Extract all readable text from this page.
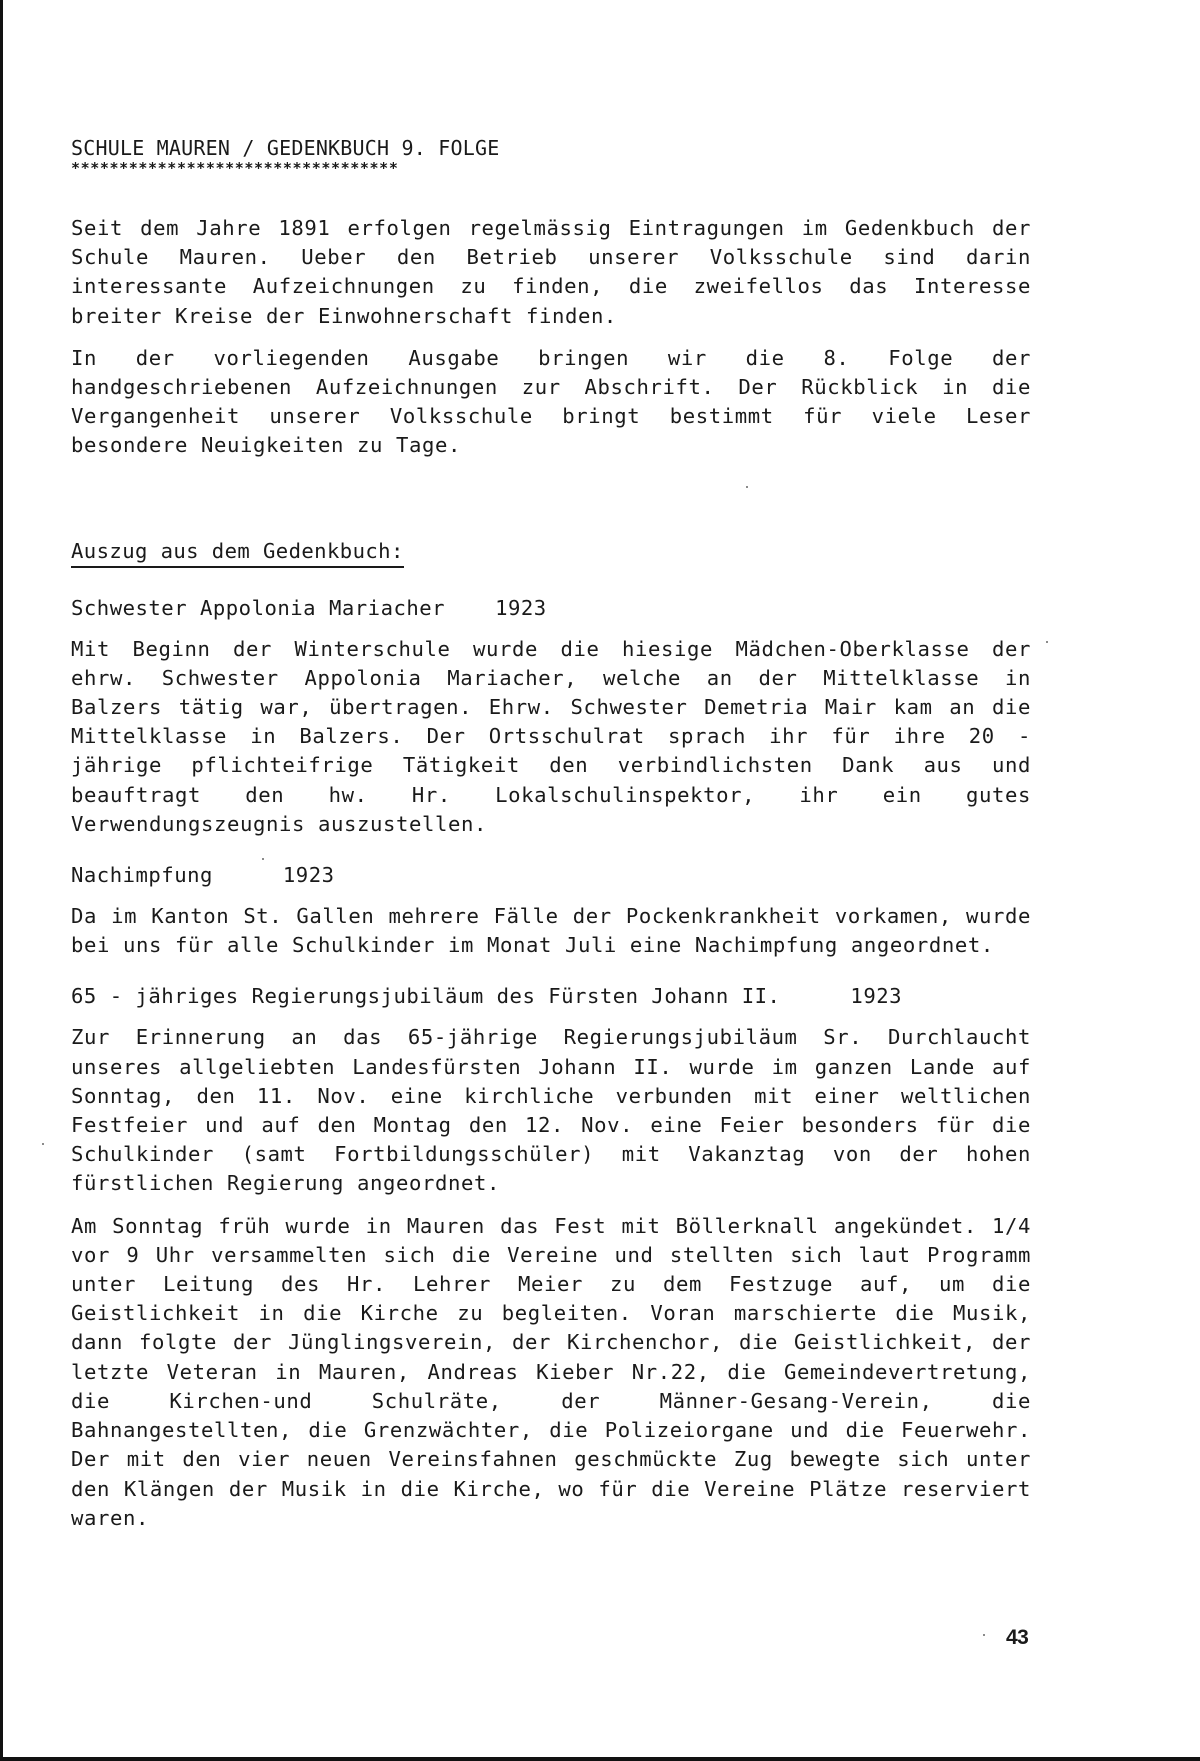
SCHULE MAUREN / GEDENKBUCH 9. FOLGE
**********************************

Seit dem Jahre 1891 erfolgen regelmässig Eintragungen im Gedenkbuch der Schule Mauren. Ueber den Betrieb unserer Volksschule sind darin interessante Aufzeichnungen zu finden, die zweifellos das Interesse breiter Kreise der Einwohnerschaft finden.

In der vorliegenden Ausgabe bringen wir die 8. Folge der handgeschriebenen Aufzeichnungen zur Abschrift. Der Rückblick in die Vergangenheit unserer Volksschule bringt bestimmt für viele Leser besondere Neuigkeiten zu Tage.

Auszug aus dem Gedenkbuch:
Schwester Appolonia Mariacher 1923

Mit Beginn der Winterschule wurde die hiesige Mädchen-Oberklasse der ehrw. Schwester Appolonia Mariacher, welche an der Mittelklasse in Balzers tätig war, übertragen. Ehrw. Schwester Demetria Mair kam an die Mittelklasse in Balzers. Der Ortsschulrat sprach ihr für ihre 20 - jährige pflichteifrige Tätigkeit den verbindlichsten Dank aus und beauftragt den hw. Hr. Lokalschulinspektor, ihr ein gutes Verwendungszeugnis auszustellen.

Nachimpfung	1923

Da im Kanton St. Gallen mehrere Fälle der Pockenkrankheit vorkamen, wurde bei uns für alle Schulkinder im Monat Juli eine Nachimpfung angeordnet.

65 - jähriges Regierungsjubiläum des Fürsten Johann II.	1923

Zur Erinnerung an das 65-jährige Regierungsjubiläum Sr. Durchlaucht unseres allgeliebten Landesfürsten Johann II. wurde im ganzen Lande auf Sonntag, den 11. Nov. eine kirchliche verbunden mit einer weltlichen Festfeier und auf den Montag den 12. Nov. eine Feier besonders für die Schulkinder (samt Fortbildungsschüler) mit Vakanztag von der hohen fürstlichen Regierung angeordnet.

Am Sonntag früh wurde in Mauren das Fest mit Böllerknall angekündet. 1/4 vor 9 Uhr versammelten sich die Vereine und stellten sich laut Programm unter Leitung des Hr. Lehrer Meier zu dem Festzuge auf, um die Geistlichkeit in die Kirche zu begleiten. Voran marschierte die Musik, dann folgte der Jünglingsverein, der Kirchenchor, die Geistlichkeit, der letzte Veteran in Mauren, Andreas Kieber Nr.22, die Gemeindevertretung, die Kirchen-und Schulräte, der Männer-Gesang-Verein, die Bahnangestellten, die Grenzwächter, die Polizeiorgane und die Feuerwehr. Der mit den vier neuen Vereinsfahnen geschmückte Zug bewegte sich unter den Klängen der Musik in die Kirche, wo für die Vereine Plätze reserviert waren.

43
